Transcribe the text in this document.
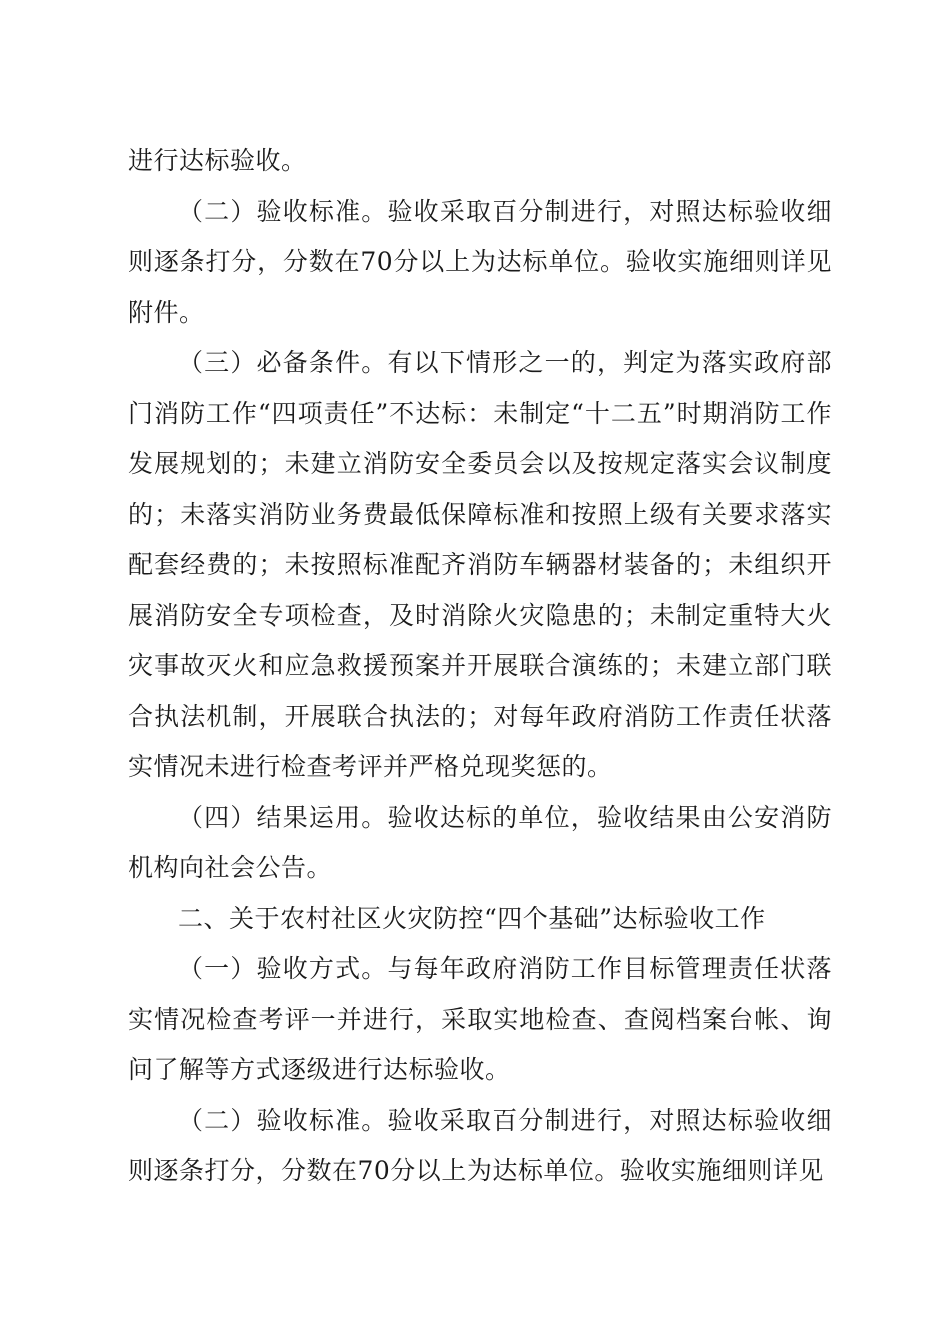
进行达标验收。

（二）验收标准。验收采取百分制进行，对照达标验收细则逐条打分，分数在70分以上为达标单位。验收实施细则详见附件。

（三）必备条件。有以下情形之一的，判定为落实政府部门消防工作“四项责任”不达标：未制定“十二五”时期消防工作发展规划的；未建立消防安全委员会以及按规定落实会议制度的；未落实消防业务费最低保障标准和按照上级有关要求落实配套经费的；未按照标准配齐消防车辆器材装备的；未组织开展消防安全专项检查，及时消除火灾隐患的；未制定重特大火灾事故灭火和应急救援预案并开展联合演练的；未建立部门联合执法机制，开展联合执法的；对每年政府消防工作责任状落实情况未进行检查考评并严格兑现奖惩的。

（四）结果运用。验收达标的单位，验收结果由公安消防机构向社会公告。

二、关于农村社区火灾防控“四个基础”达标验收工作

（一）验收方式。与每年政府消防工作目标管理责任状落实情况检查考评一并进行，采取实地检查、查阅档案台帐、询问了解等方式逐级进行达标验收。

（二）验收标准。验收采取百分制进行，对照达标验收细则逐条打分，分数在70分以上为达标单位。验收实施细则详见
